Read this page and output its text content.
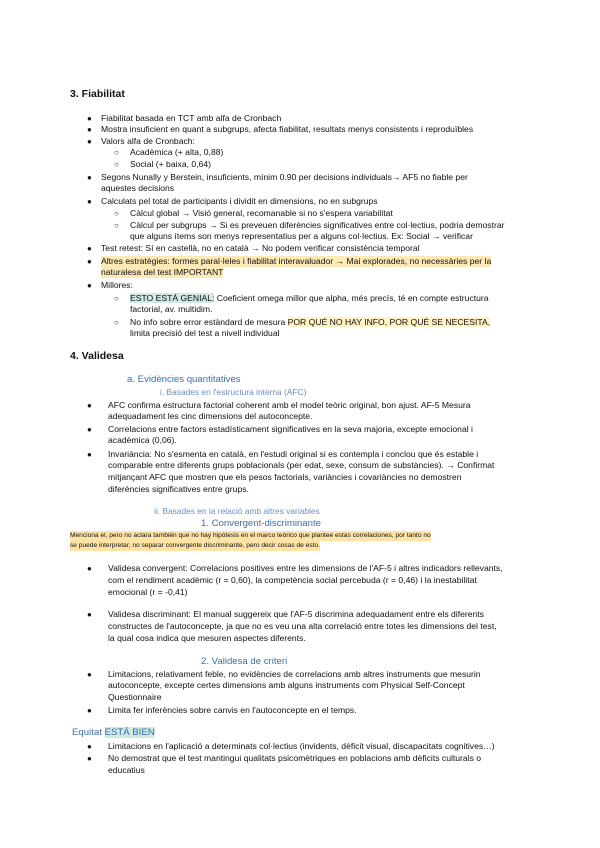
3. Fiabilitat
● Fiabilitat basada en TCT amb alfa de Cronbach
● Mostra insuficient en quant a subgrups, afecta fiabilitat, resultats menys consistents i reproduïbles
● Valors alfa de Cronbach:
○ Acadèmica (+ alta, 0,88)
○ Social (+ baixa, 0,64)
● Segons Nunally y Berstein, insuficients, mínim 0.90 per decisions individuals→ AF5 no fiable per
aquestes decisions
● Calculats pel total de participants i dividit en dimensions, no en subgrups
○ Càlcul global → Visió general, recomanable si no s'espera variabilitat
○ Càlcul per subgrups → Si es preveuen diferències significatives entre col·lectius, podria demostrar
que alguns ítems son menys representatius per a alguns col·lectius. Ex: Social → verificar
● Test retest: Sí en castellà, no en català → No podem verificar consistència temporal
● Altres estratègies: formes paral·leles i fiabilitat interavaluador → Mai explorades, no necessàries per la
naturalesa del test IMPORTANT
● Millores:
○ ESTO ESTÁ GENIAL: Coeficient omega millor que alpha, més precís, té en compte estructura
factorial, av. multidim.
○ No info sobre error estàndard de mesura POR QUÉ NO HAY INFO, POR QUÉ SE NECESITA,
limita precisió del test a nivell individual
4. Validesa
a. Evidències quantitatives
i. Basades en l'estructura interna (AFC)
● AFC confirma estructura factorial coherent amb el model teòric original, bon ajust. AF-5 Mesura
adequadament les cinc dimensions del autoconcepte.
● Correlacions entre factors estadísticament significatives en la seva majoria, excepte emocional i
acadèmica (0,06).
● Invariància: No s'esmenta en català, en l'estudi original si es contempla i conclou que és estable i
comparable entre diferents grups poblacionals (per edat, sexe, consum de substàncies). → Confirmat
mitjançant AFC que mostren que els pesos factorials, variàncies i covariàncies no demostren
diferències significatives entre grups.
ii. Basades en la relació amb altres variables
1. Convergent-discriminante
Menciona el, pero no aclara también que no hay hipótesis en el marco teórico que plantee estas correlaciones, por tanto no
se puede interpretar, no separar convergente discriminante, pero decir cosas de esto.
● Validesa convergent: Correlacions positives entre les dimensions de l'AF-5 i altres indicadors rellevants,
com el rendiment acadèmic (r = 0,60), la competència social percebuda (r = 0,46) i la inestabilitat
emocional (r = -0,41)
● Validesa discriminant: El manual suggereix que l'AF-5 discrimina adequadament entre els diferents
constructes de l'autoconcepte, ja que no es veu una alta correlació entre totes les dimensions del test,
la qual cosa indica que mesuren aspectes diferents.
2. Validesa de criteri
● Limitacions, relativament feble, no evidències de correlacions amb altres instruments que mesurin
autoconcepte, excepte certes dimensions amb alguns instruments com Physical Self-Concept
Questionnaire
● Limita fer inferències sobre canvis en l'autoconcepte en el temps.
Equitat ESTÁ BIEN
● Limitacions en l'aplicació a determinats col·lectius (invidents, dèficit visual, discapacitats cognitives…)
● No demostrat que el test mantingui qualitats psicomètriques en poblacions amb dèficits culturals o
educatius
